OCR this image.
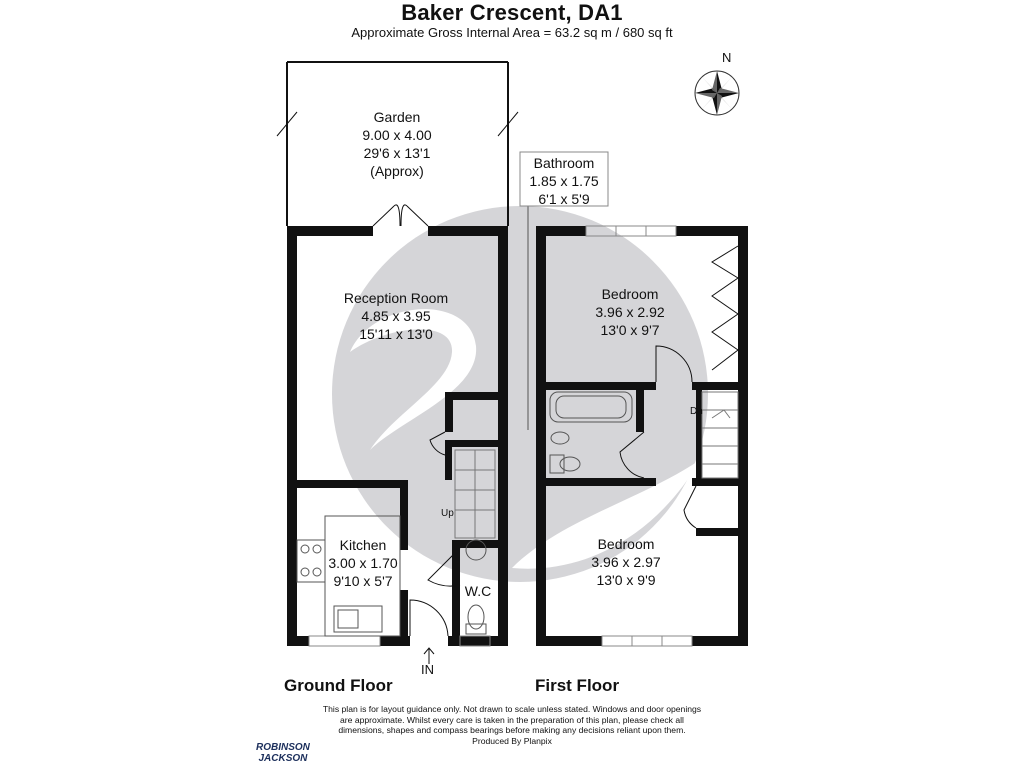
Baker Crescent, DA1
Approximate Gross Internal Area = 63.2 sq m / 680 sq ft
N
Garden
9.00 x 4.00
29'6 x 13'1
(Approx)
Reception Room
4.85 x 3.95
15'11 x 13'0
Kitchen
3.00 x 1.70
9'10 x 5'7
W.C
Up
Dn
IN
Bathroom
1.85 x 1.75
6'1 x 5'9
Bedroom
3.96 x 2.92
13'0 x 9'7
Bedroom
3.96 x 2.97
13'0 x 9'9
Ground Floor	First Floor
This plan is for layout guidance only. Not drawn to scale unless stated. Windows and door openings
are approximate. Whilst every care is taken in the preparation of this plan, please check all
dimensions, shapes and compass bearings before making any decisions reliant upon them.
Produced By Planpix
ROBINSON
JACKSON
